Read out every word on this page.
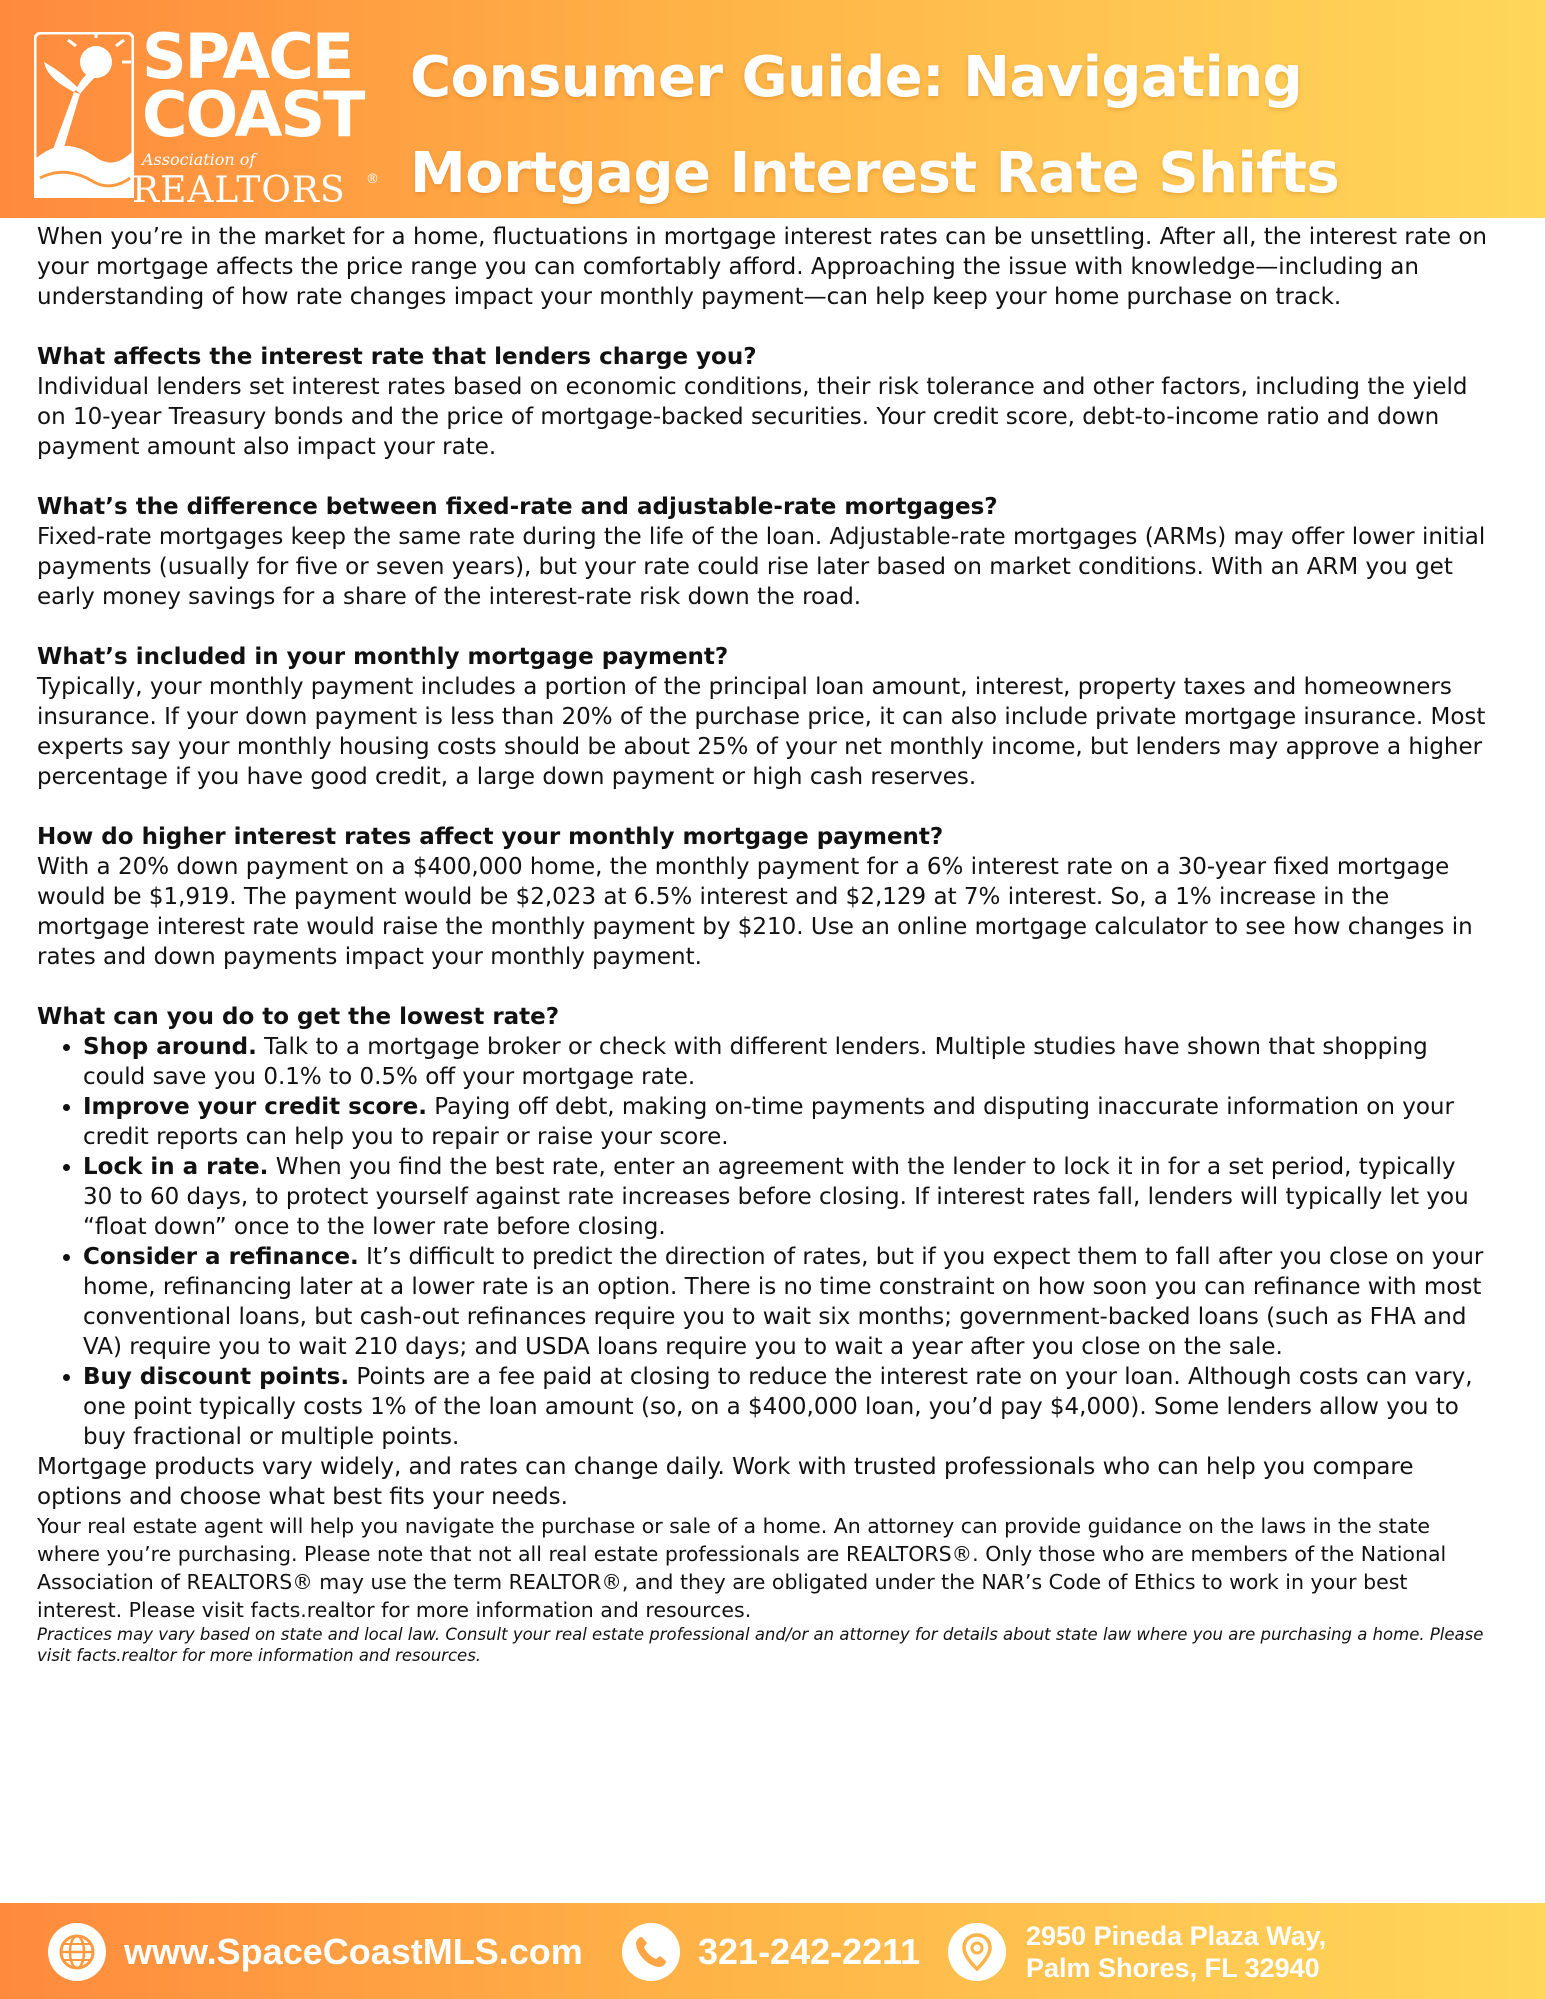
SPACE
COAST
Association of
REALTORS ®
Consumer Guide: Navigating Mortgage Interest Rate Shifts

When you’re in the market for a home, fluctuations in mortgage interest rates can be unsettling. After all, the interest rate on your mortgage affects the price range you can comfortably afford. Approaching the issue with knowledge—including an understanding of how rate changes impact your monthly payment—can help keep your home purchase on track.

What affects the interest rate that lenders charge you?

Individual lenders set interest rates based on economic conditions, their risk tolerance and other factors, including the yield on 10-year Treasury bonds and the price of mortgage-backed securities. Your credit score, debt-to-income ratio and down payment amount also impact your rate.

What’s the difference between fixed-rate and adjustable-rate mortgages?

Fixed-rate mortgages keep the same rate during the life of the loan. Adjustable-rate mortgages (ARMs) may offer lower initial payments (usually for five or seven years), but your rate could rise later based on market conditions. With an ARM you get early money savings for a share of the interest-rate risk down the road.

What’s included in your monthly mortgage payment?

Typically, your monthly payment includes a portion of the principal loan amount, interest, property taxes and homeowners insurance. If your down payment is less than 20% of the purchase price, it can also include private mortgage insurance. Most experts say your monthly housing costs should be about 25% of your net monthly income, but lenders may approve a higher percentage if you have good credit, a large down payment or high cash reserves.

How do higher interest rates affect your monthly mortgage payment?

With a 20% down payment on a $400,000 home, the monthly payment for a 6% interest rate on a 30-year fixed mortgage would be $1,919. The payment would be $2,023 at 6.5% interest and $2,129 at 7% interest. So, a 1% increase in the mortgage interest rate would raise the monthly payment by $210. Use an online mortgage calculator to see how changes in rates and down payments impact your monthly payment.

What can you do to get the lowest rate?

• Shop around. Talk to a mortgage broker or check with different lenders. Multiple studies have shown that shopping could save you 0.1% to 0.5% off your mortgage rate.
• Improve your credit score. Paying off debt, making on-time payments and disputing inaccurate information on your credit reports can help you to repair or raise your score.
• Lock in a rate. When you find the best rate, enter an agreement with the lender to lock it in for a set period, typically 30 to 60 days, to protect yourself against rate increases before closing. If interest rates fall, lenders will typically let you “float down” once to the lower rate before closing.
• Consider a refinance. It’s difficult to predict the direction of rates, but if you expect them to fall after you close on your home, refinancing later at a lower rate is an option. There is no time constraint on how soon you can refinance with most conventional loans, but cash-out refinances require you to wait six months; government-backed loans (such as FHA and VA) require you to wait 210 days; and USDA loans require you to wait a year after you close on the sale.
• Buy discount points. Points are a fee paid at closing to reduce the interest rate on your loan. Although costs can vary, one point typically costs 1% of the loan amount (so, on a $400,000 loan, you’d pay $4,000). Some lenders allow you to buy fractional or multiple points.

Mortgage products vary widely, and rates can change daily. Work with trusted professionals who can help you compare options and choose what best fits your needs.

Your real estate agent will help you navigate the purchase or sale of a home. An attorney can provide guidance on the laws in the state where you’re purchasing. Please note that not all real estate professionals are REALTORS®. Only those who are members of the National Association of REALTORS® may use the term REALTOR®, and they are obligated under the NAR’s Code of Ethics to work in your best interest. Please visit facts.realtor for more information and resources.

Practices may vary based on state and local law. Consult your real estate professional and/or an attorney for details about state law where you are purchasing a home. Please visit facts.realtor for more information and resources.

www.SpaceCoastMLS.com	321-242-2211	2950 Pineda Plaza Way,
Palm Shores, FL 32940
